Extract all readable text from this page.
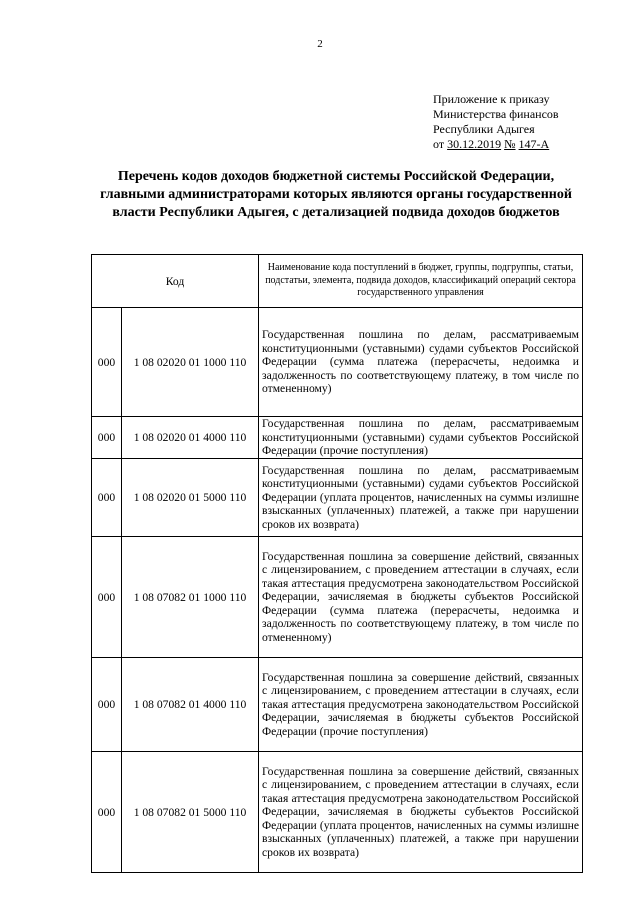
2
Приложение к приказу
Министерства финансов
Республики Адыгея
от 30.12.2019 № 147-А
Перечень кодов доходов бюджетной системы Российской Федерации, главными администраторами которых являются органы государственной власти Республики Адыгея, с детализацией подвида доходов бюджетов
Код		Наименование кода поступлений в бюджет, группы, подгруппы, статьи, подстатьи, элемента, подвида доходов, классификаций операций сектора государственного управления
000	1 08 02020 01 1000 110	Государственная пошлина по делам, рассматриваемым конституционными (уставными) судами субъектов Российской Федерации (сумма платежа (перерасчеты, недоимка и задолженность по соответствующему платежу, в том числе по отмененному)
000	1 08 02020 01 4000 110	Государственная пошлина по делам, рассматриваемым конституционными (уставными) судами субъектов Российской Федерации (прочие поступления)
000	1 08 02020 01 5000 110	Государственная пошлина по делам, рассматриваемым конституционными (уставными) судами субъектов Российской Федерации (уплата процентов, начисленных на суммы излишне взысканных (уплаченных) платежей, а также при нарушении сроков их возврата)
000	1 08 07082 01 1000 110	Государственная пошлина за совершение действий, связанных с лицензированием, с проведением аттестации в случаях, если такая аттестация предусмотрена законодательством Российской Федерации, зачисляемая в бюджеты субъектов Российской Федерации (сумма платежа (перерасчеты, недоимка и задолженность по соответствующему платежу, в том числе по отмененному)
000	1 08 07082 01 4000 110	Государственная пошлина за совершение действий, связанных с лицензированием, с проведением аттестации в случаях, если такая аттестация предусмотрена законодательством Российской Федерации, зачисляемая в бюджеты субъектов Российской Федерации (прочие поступления)
000	1 08 07082 01 5000 110	Государственная пошлина за совершение действий, связанных с лицензированием, с проведением аттестации в случаях, если такая аттестация предусмотрена законодательством Российской Федерации, зачисляемая в бюджеты субъектов Российской Федерации (уплата процентов, начисленных на суммы излишне взысканных (уплаченных) платежей, а также при нарушении сроков их возврата)
